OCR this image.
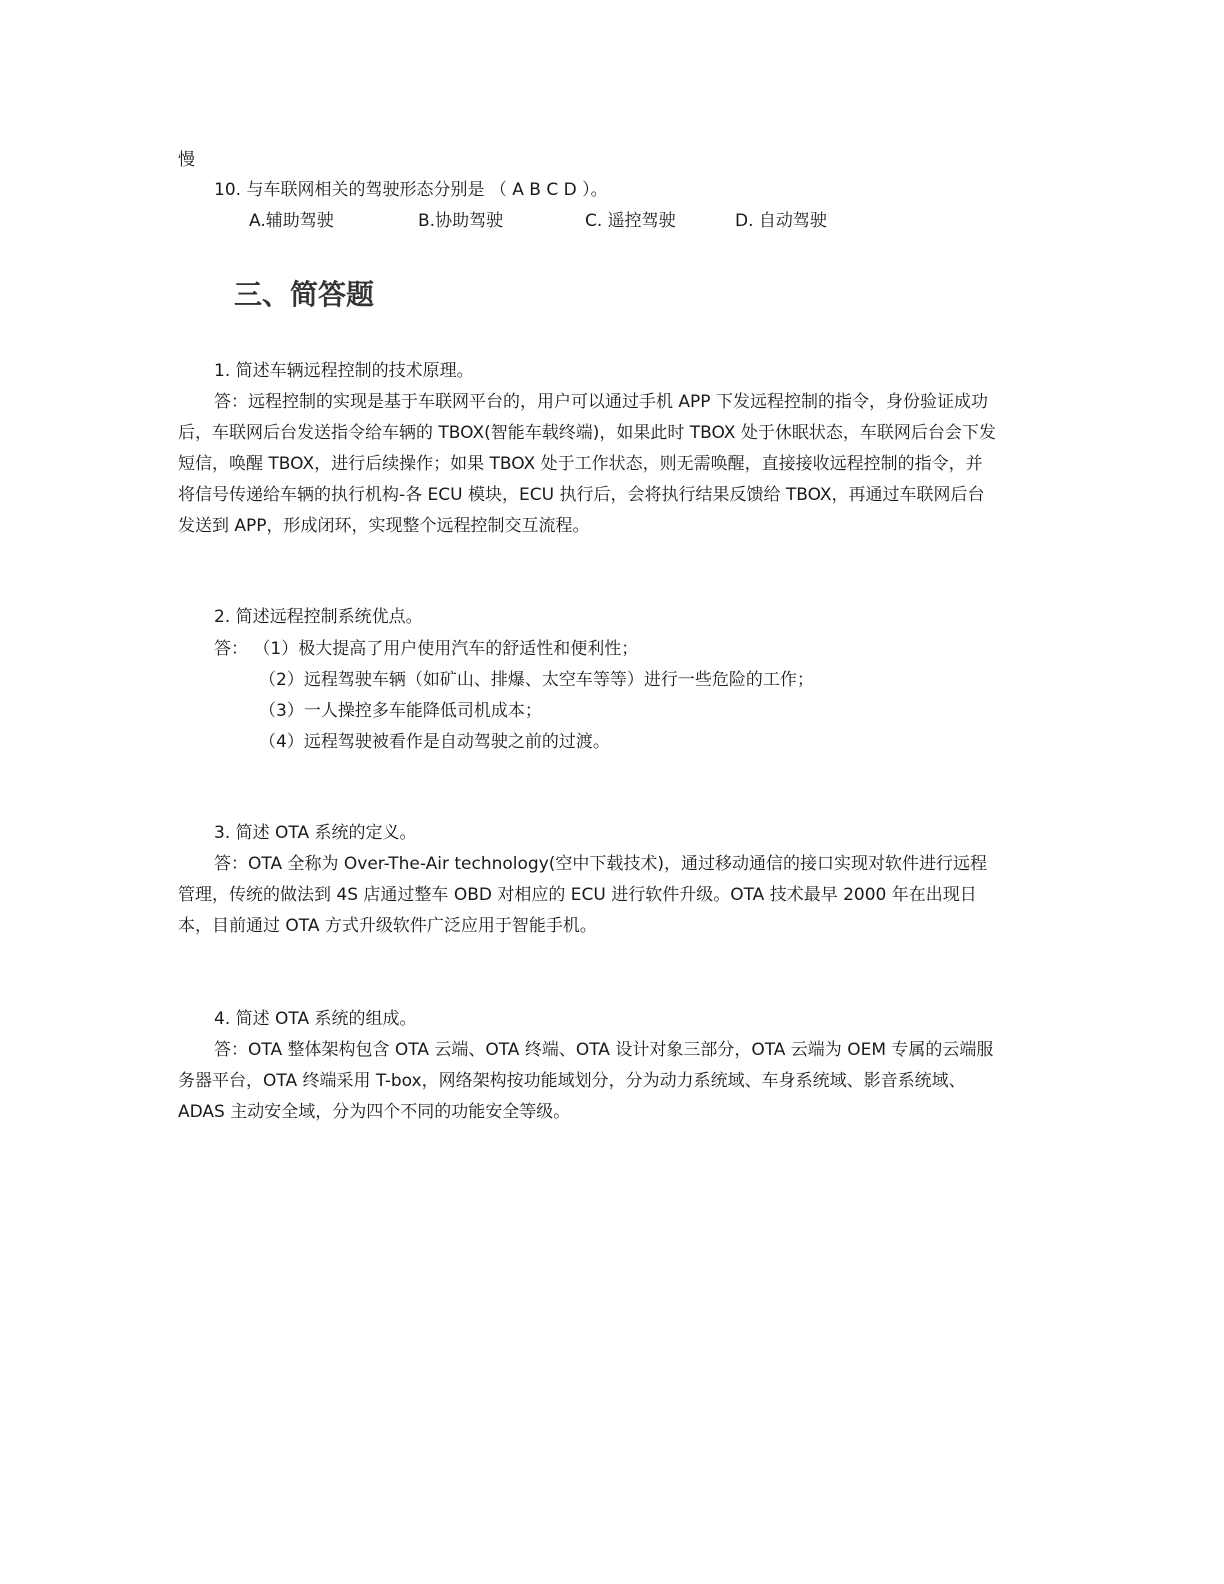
慢
10. 与车联网相关的驾驶形态分别是 （ A B C D ）。
A.辅助驾驶	B.协助驾驶	C. 遥控驾驶	D. 自动驾驶
三、简答题
1. 简述车辆远程控制的技术原理。
答：远程控制的实现是基于车联网平台的，用户可以通过手机 APP 下发远程控制的指令，身份验证成功
后，车联网后台发送指令给车辆的 TBOX(智能车载终端)，如果此时 TBOX 处于休眠状态，车联网后台会下发
短信，唤醒 TBOX，进行后续操作；如果 TBOX 处于工作状态，则无需唤醒，直接接收远程控制的指令，并
将信号传递给车辆的执行机构-各 ECU 模块，ECU 执行后，会将执行结果反馈给 TBOX，再通过车联网后台
发送到 APP，形成闭环，实现整个远程控制交互流程。
2. 简述远程控制系统优点。
答： （1）极大提高了用户使用汽车的舒适性和便利性；
（2）远程驾驶车辆（如矿山、排爆、太空车等等）进行一些危险的工作；
（3）一人操控多车能降低司机成本；
（4）远程驾驶被看作是自动驾驶之前的过渡。
3. 简述 OTA 系统的定义。
答：OTA 全称为 Over-The-Air technology(空中下载技术)，通过移动通信的接口实现对软件进行远程
管理，传统的做法到 4S 店通过整车 OBD 对相应的 ECU 进行软件升级。OTA 技术最早 2000 年在出现日
本，目前通过 OTA 方式升级软件广泛应用于智能手机。
4. 简述 OTA 系统的组成。
答：OTA 整体架构包含 OTA 云端、OTA 终端、OTA 设计对象三部分，OTA 云端为 OEM 专属的云端服
务器平台，OTA 终端采用 T-box，网络架构按功能域划分，分为动力系统域、车身系统域、影音系统域、
ADAS 主动安全域，分为四个不同的功能安全等级。
